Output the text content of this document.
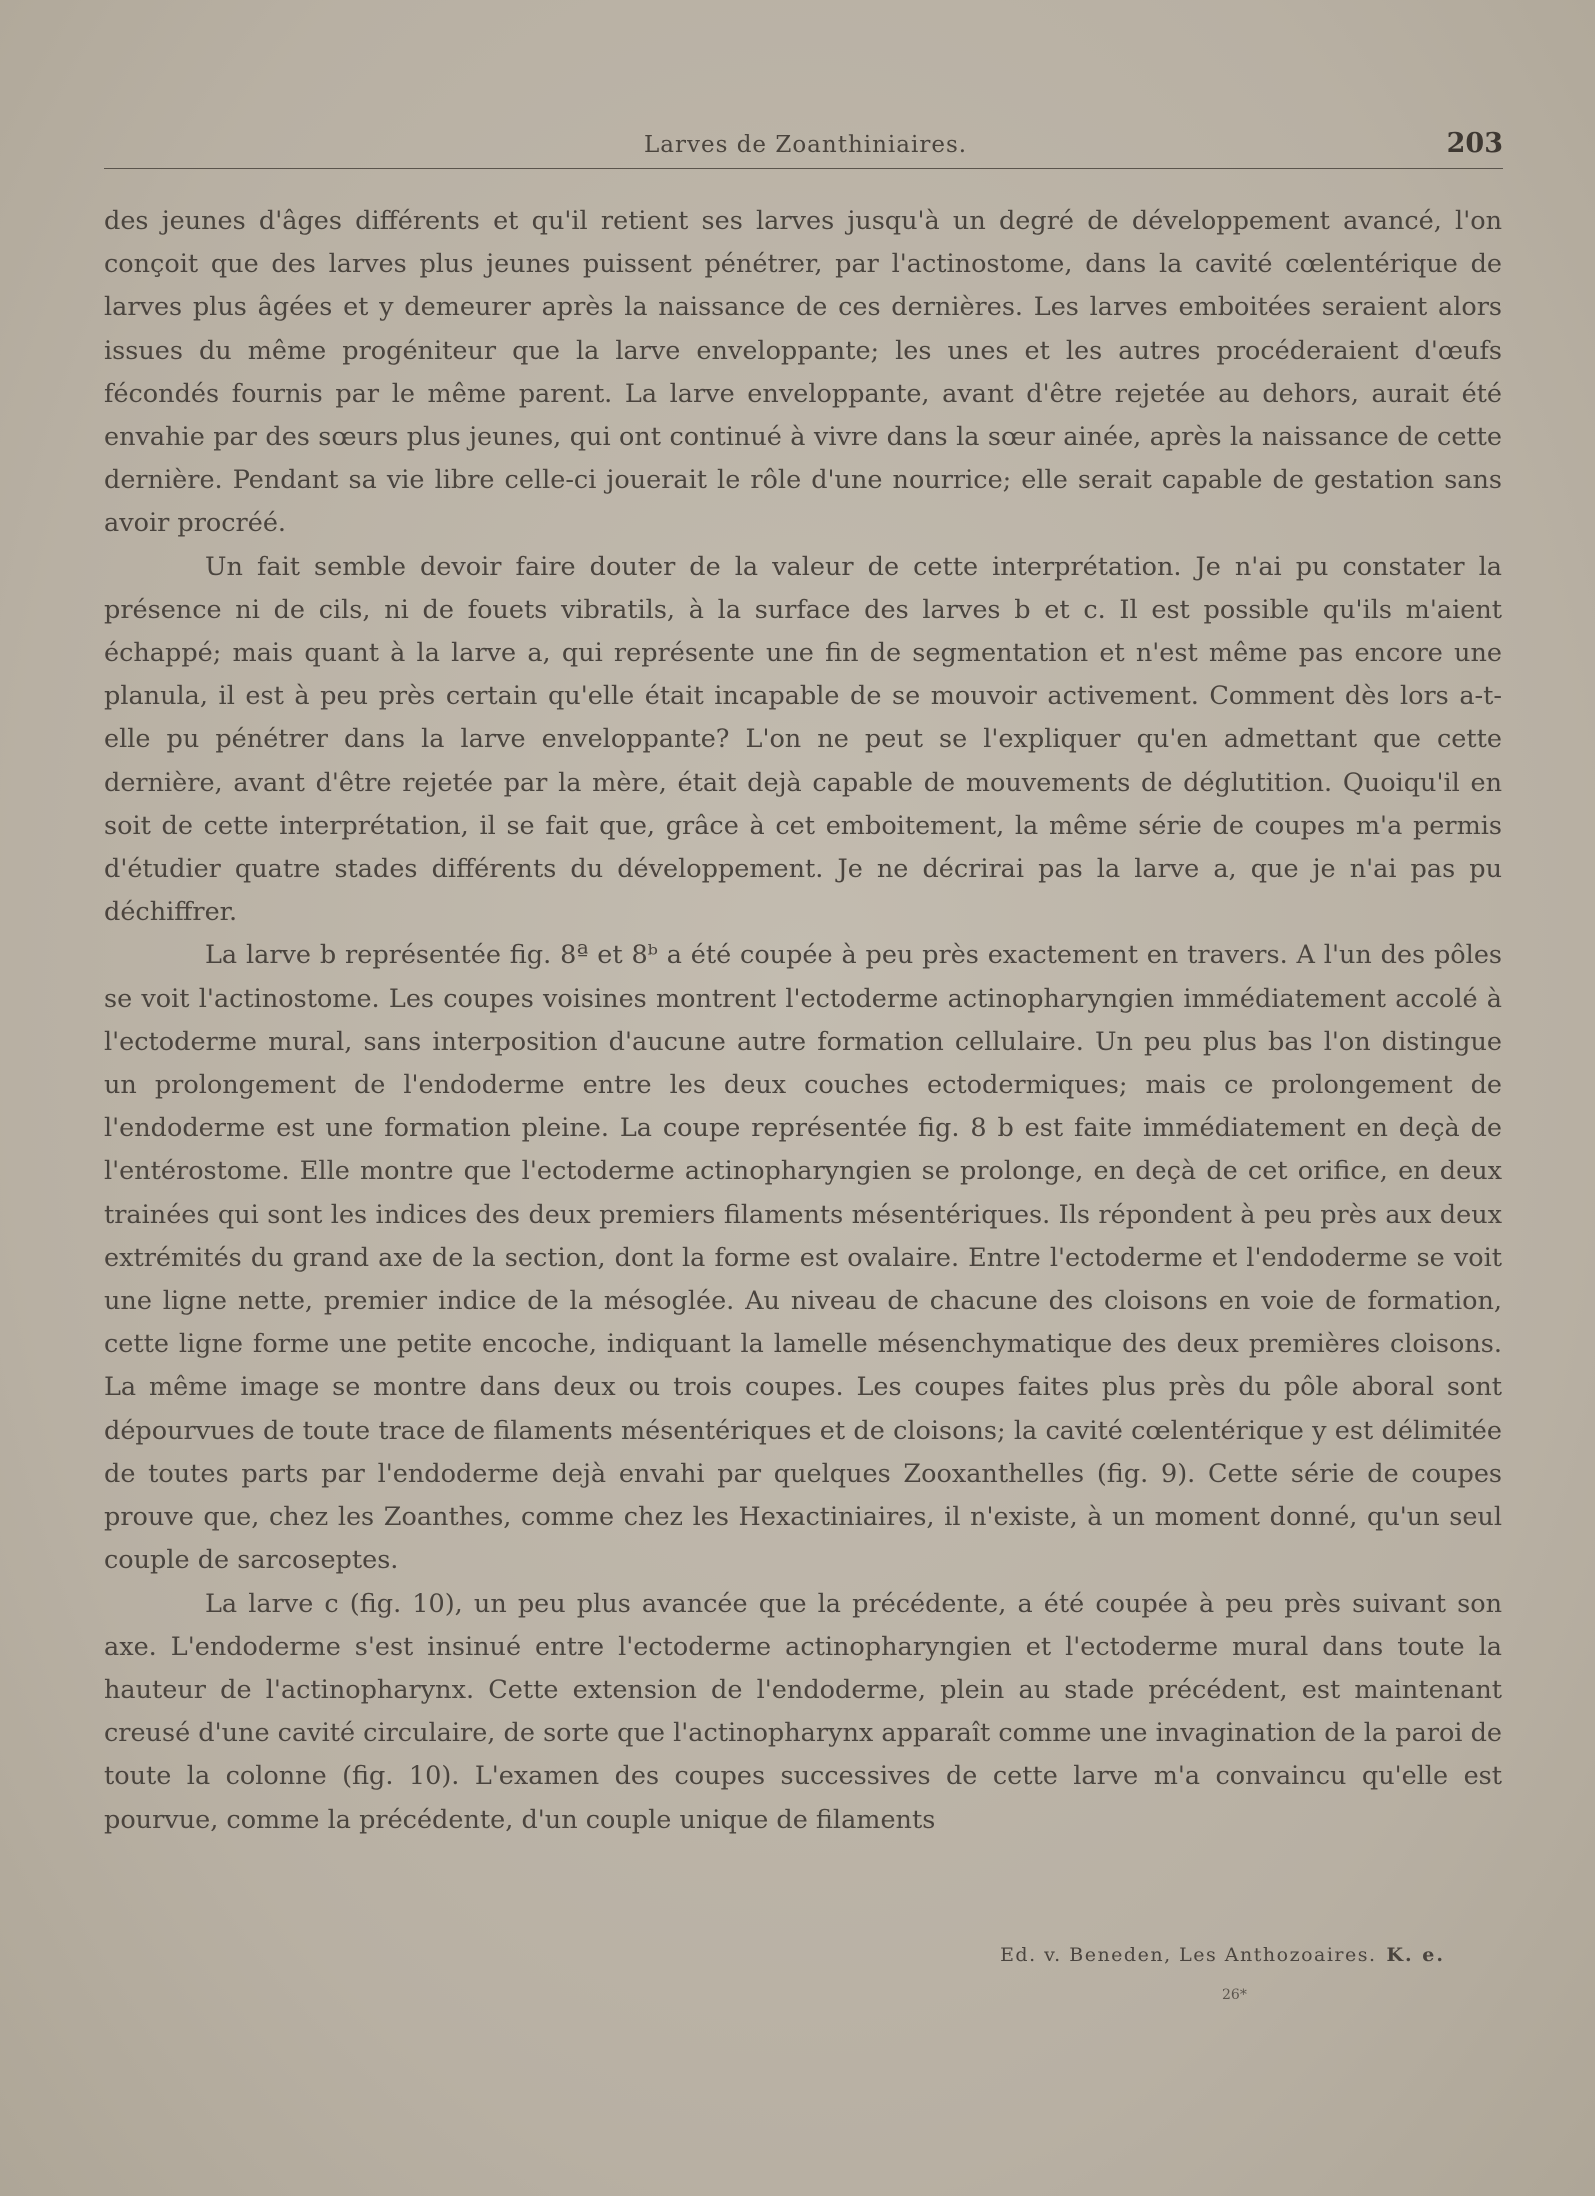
Larves de Zoanthiniaires.	203

des jeunes d'âges différents et qu'il retient ses larves jusqu'à un degré de développement avancé, l'on conçoit que des larves plus jeunes puissent pénétrer, par l'actinostome, dans la cavité cœlentérique de larves plus âgées et y demeurer après la naissance de ces dernières. Les larves emboitées seraient alors issues du même progéniteur que la larve enveloppante; les unes et les autres procéderaient d'œufs fécondés fournis par le même parent. La larve enveloppante, avant d'être rejetée au dehors, aurait été envahie par des sœurs plus jeunes, qui ont continué à vivre dans la sœur ainée, après la naissance de cette dernière. Pendant sa vie libre celle-ci jouerait le rôle d'une nourrice; elle serait capable de gestation sans avoir procréé.

Un fait semble devoir faire douter de la valeur de cette interprétation. Je n'ai pu constater la présence ni de cils, ni de fouets vibratils, à la surface des larves b et c. Il est possible qu'ils m'aient échappé; mais quant à la larve a, qui représente une fin de segmentation et n'est même pas encore une planula, il est à peu près certain qu'elle était incapable de se mouvoir activement. Comment dès lors a-t-elle pu pénétrer dans la larve enveloppante? L'on ne peut se l'expliquer qu'en admettant que cette dernière, avant d'être rejetée par la mère, était dejà capable de mouvements de déglutition. Quoiqu'il en soit de cette interprétation, il se fait que, grâce à cet emboitement, la même série de coupes m'a permis d'étudier quatre stades différents du développement. Je ne décrirai pas la larve a, que je n'ai pas pu déchiffrer.

La larve b représentée fig. 8ª et 8ᵇ a été coupée à peu près exactement en travers. A l'un des pôles se voit l'actinostome. Les coupes voisines montrent l'ectoderme actinopharyngien immédiatement accolé à l'ectoderme mural, sans interposition d'aucune autre formation cellulaire. Un peu plus bas l'on distingue un prolongement de l'endoderme entre les deux couches ectodermiques; mais ce prolongement de l'endoderme est une formation pleine. La coupe représentée fig. 8 b est faite immédiatement en deçà de l'entérostome. Elle montre que l'ectoderme actinopharyngien se prolonge, en deçà de cet orifice, en deux trainées qui sont les indices des deux premiers filaments mésentériques. Ils répondent à peu près aux deux extrémités du grand axe de la section, dont la forme est ovalaire. Entre l'ectoderme et l'endoderme se voit une ligne nette, premier indice de la mésoglée. Au niveau de chacune des cloisons en voie de formation, cette ligne forme une petite encoche, indiquant la lamelle mésenchymatique des deux premières cloisons. La même image se montre dans deux ou trois coupes. Les coupes faites plus près du pôle aboral sont dépourvues de toute trace de filaments mésentériques et de cloisons; la cavité cœlentérique y est délimitée de toutes parts par l'endoderme dejà envahi par quelques Zooxanthelles (fig. 9). Cette série de coupes prouve que, chez les Zoanthes, comme chez les Hexactiniaires, il n'existe, à un moment donné, qu'un seul couple de sarcoseptes.

La larve c (fig. 10), un peu plus avancée que la précédente, a été coupée à peu près suivant son axe. L'endoderme s'est insinué entre l'ectoderme actinopharyngien et l'ectoderme mural dans toute la hauteur de l'actinopharynx. Cette extension de l'endoderme, plein au stade précédent, est maintenant creusé d'une cavité circulaire, de sorte que l'actinopharynx apparaît comme une invagination de la paroi de toute la colonne (fig. 10). L'examen des coupes successives de cette larve m'a convaincu qu'elle est pourvue, comme la précédente, d'un couple unique de filaments

Ed. v. Beneden, Les Anthozoaires. K. e.
26*
